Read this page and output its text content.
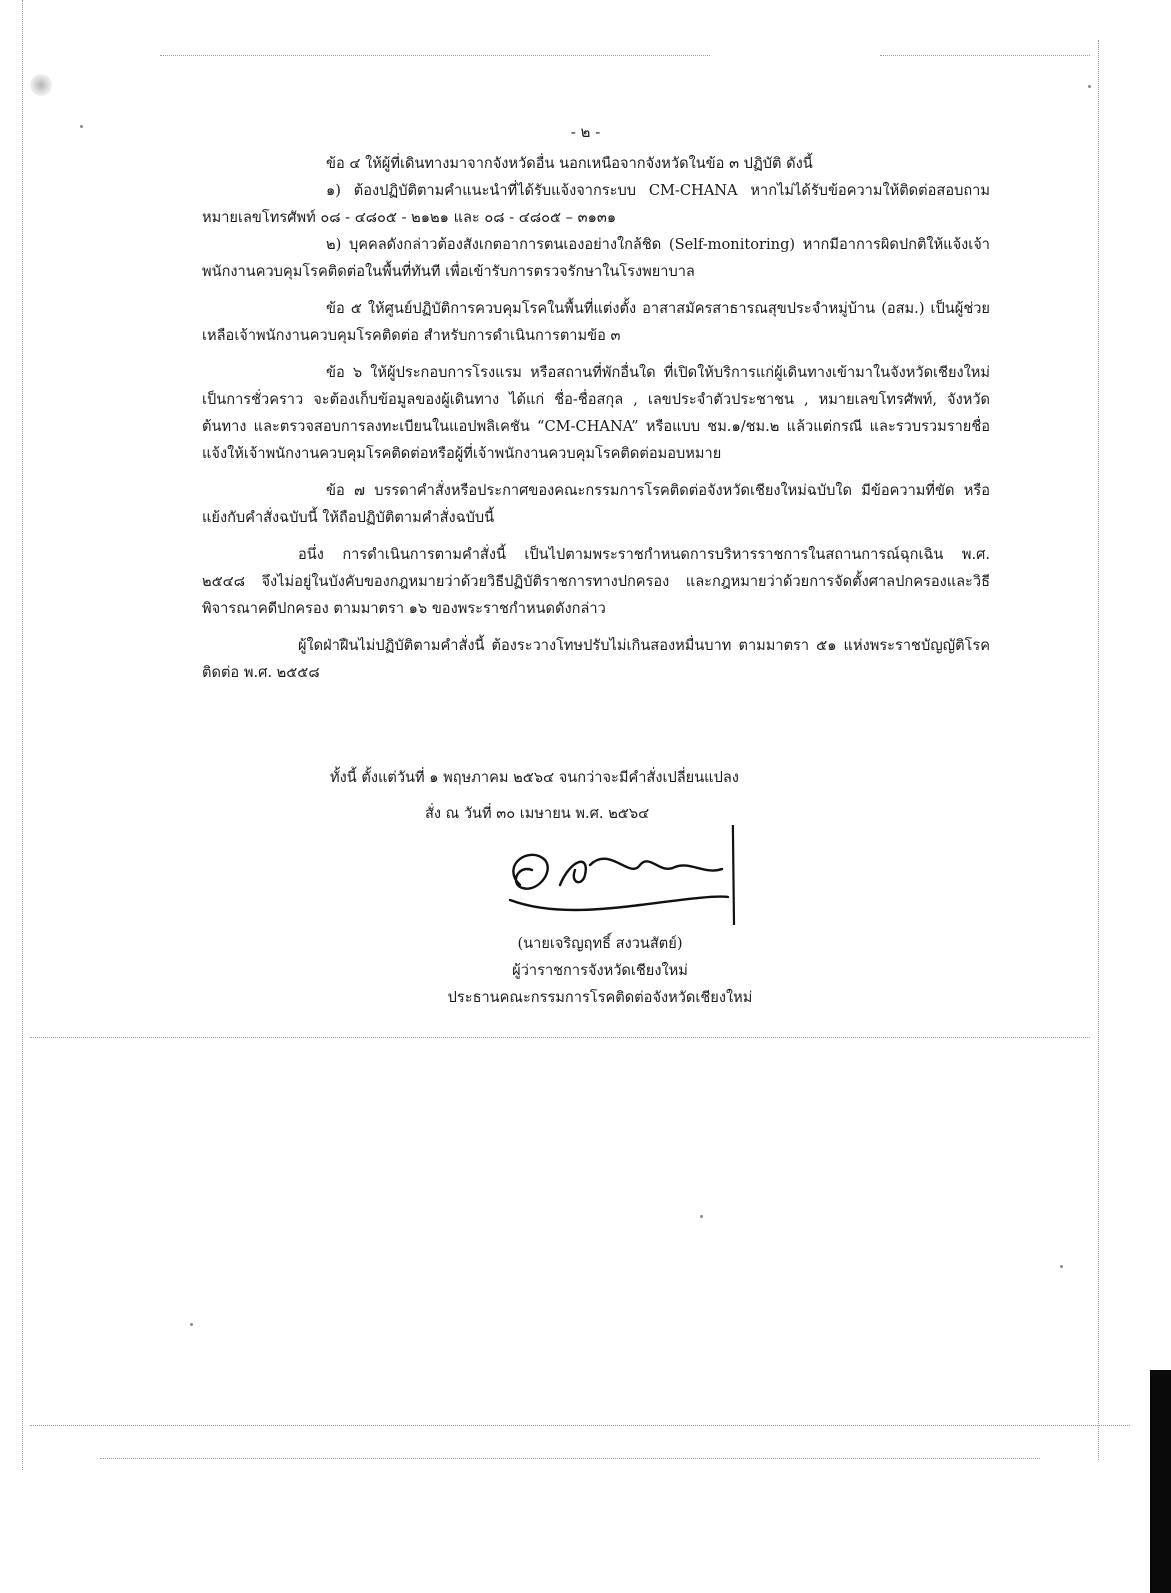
- ๒ -

ข้อ ๔ ให้ผู้ที่เดินทางมาจากจังหวัดอื่น นอกเหนือจากจังหวัดในข้อ ๓ ปฏิบัติ ดังนี้

๑) ต้องปฏิบัติตามคำแนะนำที่ได้รับแจ้งจากระบบ CM-CHANA หากไม่ได้รับข้อความให้ติดต่อสอบถามหมายเลขโทรศัพท์ ๐๘ - ๔๘๐๕ - ๒๑๒๑ และ ๐๘ - ๔๘๐๕ – ๓๑๓๑

๒) บุคคลดังกล่าวต้องสังเกตอาการตนเองอย่างใกล้ชิด (Self-monitoring) หากมีอาการผิดปกติให้แจ้งเจ้าพนักงานควบคุมโรคติดต่อในพื้นที่ทันที เพื่อเข้ารับการตรวจรักษาในโรงพยาบาล

ข้อ ๕ ให้ศูนย์ปฏิบัติการควบคุมโรคในพื้นที่แต่งตั้ง อาสาสมัครสาธารณสุขประจำหมู่บ้าน (อสม.) เป็นผู้ช่วยเหลือเจ้าพนักงานควบคุมโรคติดต่อ สำหรับการดำเนินการตามข้อ ๓

ข้อ ๖ ให้ผู้ประกอบการโรงแรม หรือสถานที่พักอื่นใด ที่เปิดให้บริการแก่ผู้เดินทางเข้ามาในจังหวัดเชียงใหม่เป็นการชั่วคราว จะต้องเก็บข้อมูลของผู้เดินทาง ได้แก่ ชื่อ-ชื่อสกุล , เลขประจำตัวประชาชน , หมายเลขโทรศัพท์, จังหวัดต้นทาง และตรวจสอบการลงทะเบียนในแอปพลิเคชัน “CM-CHANA” หรือแบบ ชม.๑/ชม.๒ แล้วแต่กรณี และรวบรวมรายชื่อแจ้งให้เจ้าพนักงานควบคุมโรคติดต่อหรือผู้ที่เจ้าพนักงานควบคุมโรคติดต่อมอบหมาย

ข้อ ๗ บรรดาคำสั่งหรือประกาศของคณะกรรมการโรคติดต่อจังหวัดเชียงใหม่ฉบับใด มีข้อความที่ขัด หรือแย้งกับคำสั่งฉบับนี้ ให้ถือปฏิบัติตามคำสั่งฉบับนี้

อนึ่ง การดำเนินการตามคำสั่งนี้ เป็นไปตามพระราชกำหนดการบริหารราชการในสถานการณ์ฉุกเฉิน พ.ศ. ๒๕๔๘ จึงไม่อยู่ในบังคับของกฎหมายว่าด้วยวิธีปฏิบัติราชการทางปกครอง และกฎหมายว่าด้วยการจัดตั้งศาลปกครองและวิธีพิจารณาคดีปกครอง ตามมาตรา ๑๖ ของพระราชกำหนดดังกล่าว

ผู้ใดฝ่าฝืนไม่ปฏิบัติตามคำสั่งนี้ ต้องระวางโทษปรับไม่เกินสองหมื่นบาท ตามมาตรา ๕๑ แห่งพระราชบัญญัติโรคติดต่อ พ.ศ. ๒๕๕๘

ทั้งนี้ ตั้งแต่วันที่ ๑ พฤษภาคม ๒๕๖๔ จนกว่าจะมีคำสั่งเปลี่ยนแปลง
สั่ง ณ วันที่ ๓๐ เมษายน พ.ศ. ๒๕๖๔
(นายเจริญฤทธิ์ สงวนสัตย์)
ผู้ว่าราชการจังหวัดเชียงใหม่
ประธานคณะกรรมการโรคติดต่อจังหวัดเชียงใหม่
